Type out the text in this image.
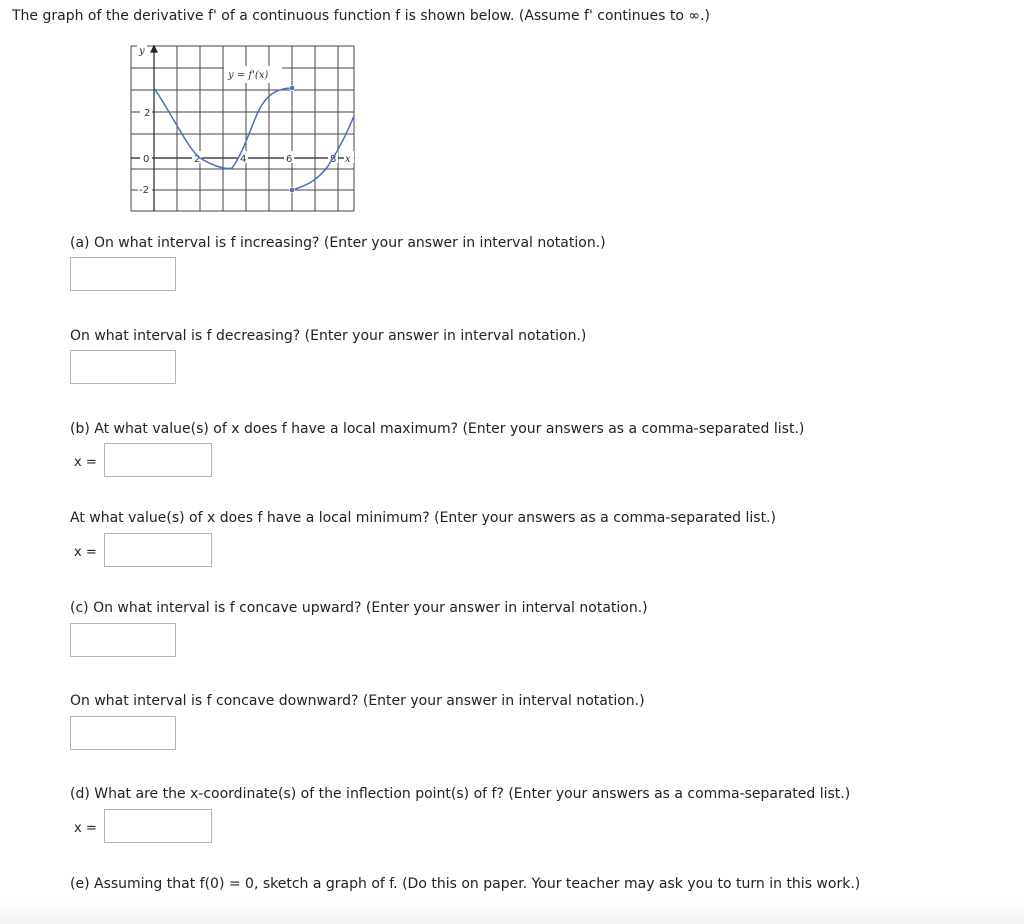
The graph of the derivative f' of a continuous function f is shown below. (Assume f' continues to ∞.)
y
x
y = f'(x)
0	2	4	6	8
2
-2
(a) On what interval is f increasing? (Enter your answer in interval notation.)
On what interval is f decreasing? (Enter your answer in interval notation.)
(b) At what value(s) of x does f have a local maximum? (Enter your answers as a comma-separated list.)
x =
At what value(s) of x does f have a local minimum? (Enter your answers as a comma-separated list.)
x =
(c) On what interval is f concave upward? (Enter your answer in interval notation.)
On what interval is f concave downward? (Enter your answer in interval notation.)
(d) What are the x-coordinate(s) of the inflection point(s) of f? (Enter your answers as a comma-separated list.)
x =
(e) Assuming that f(0) = 0, sketch a graph of f. (Do this on paper. Your teacher may ask you to turn in this work.)
